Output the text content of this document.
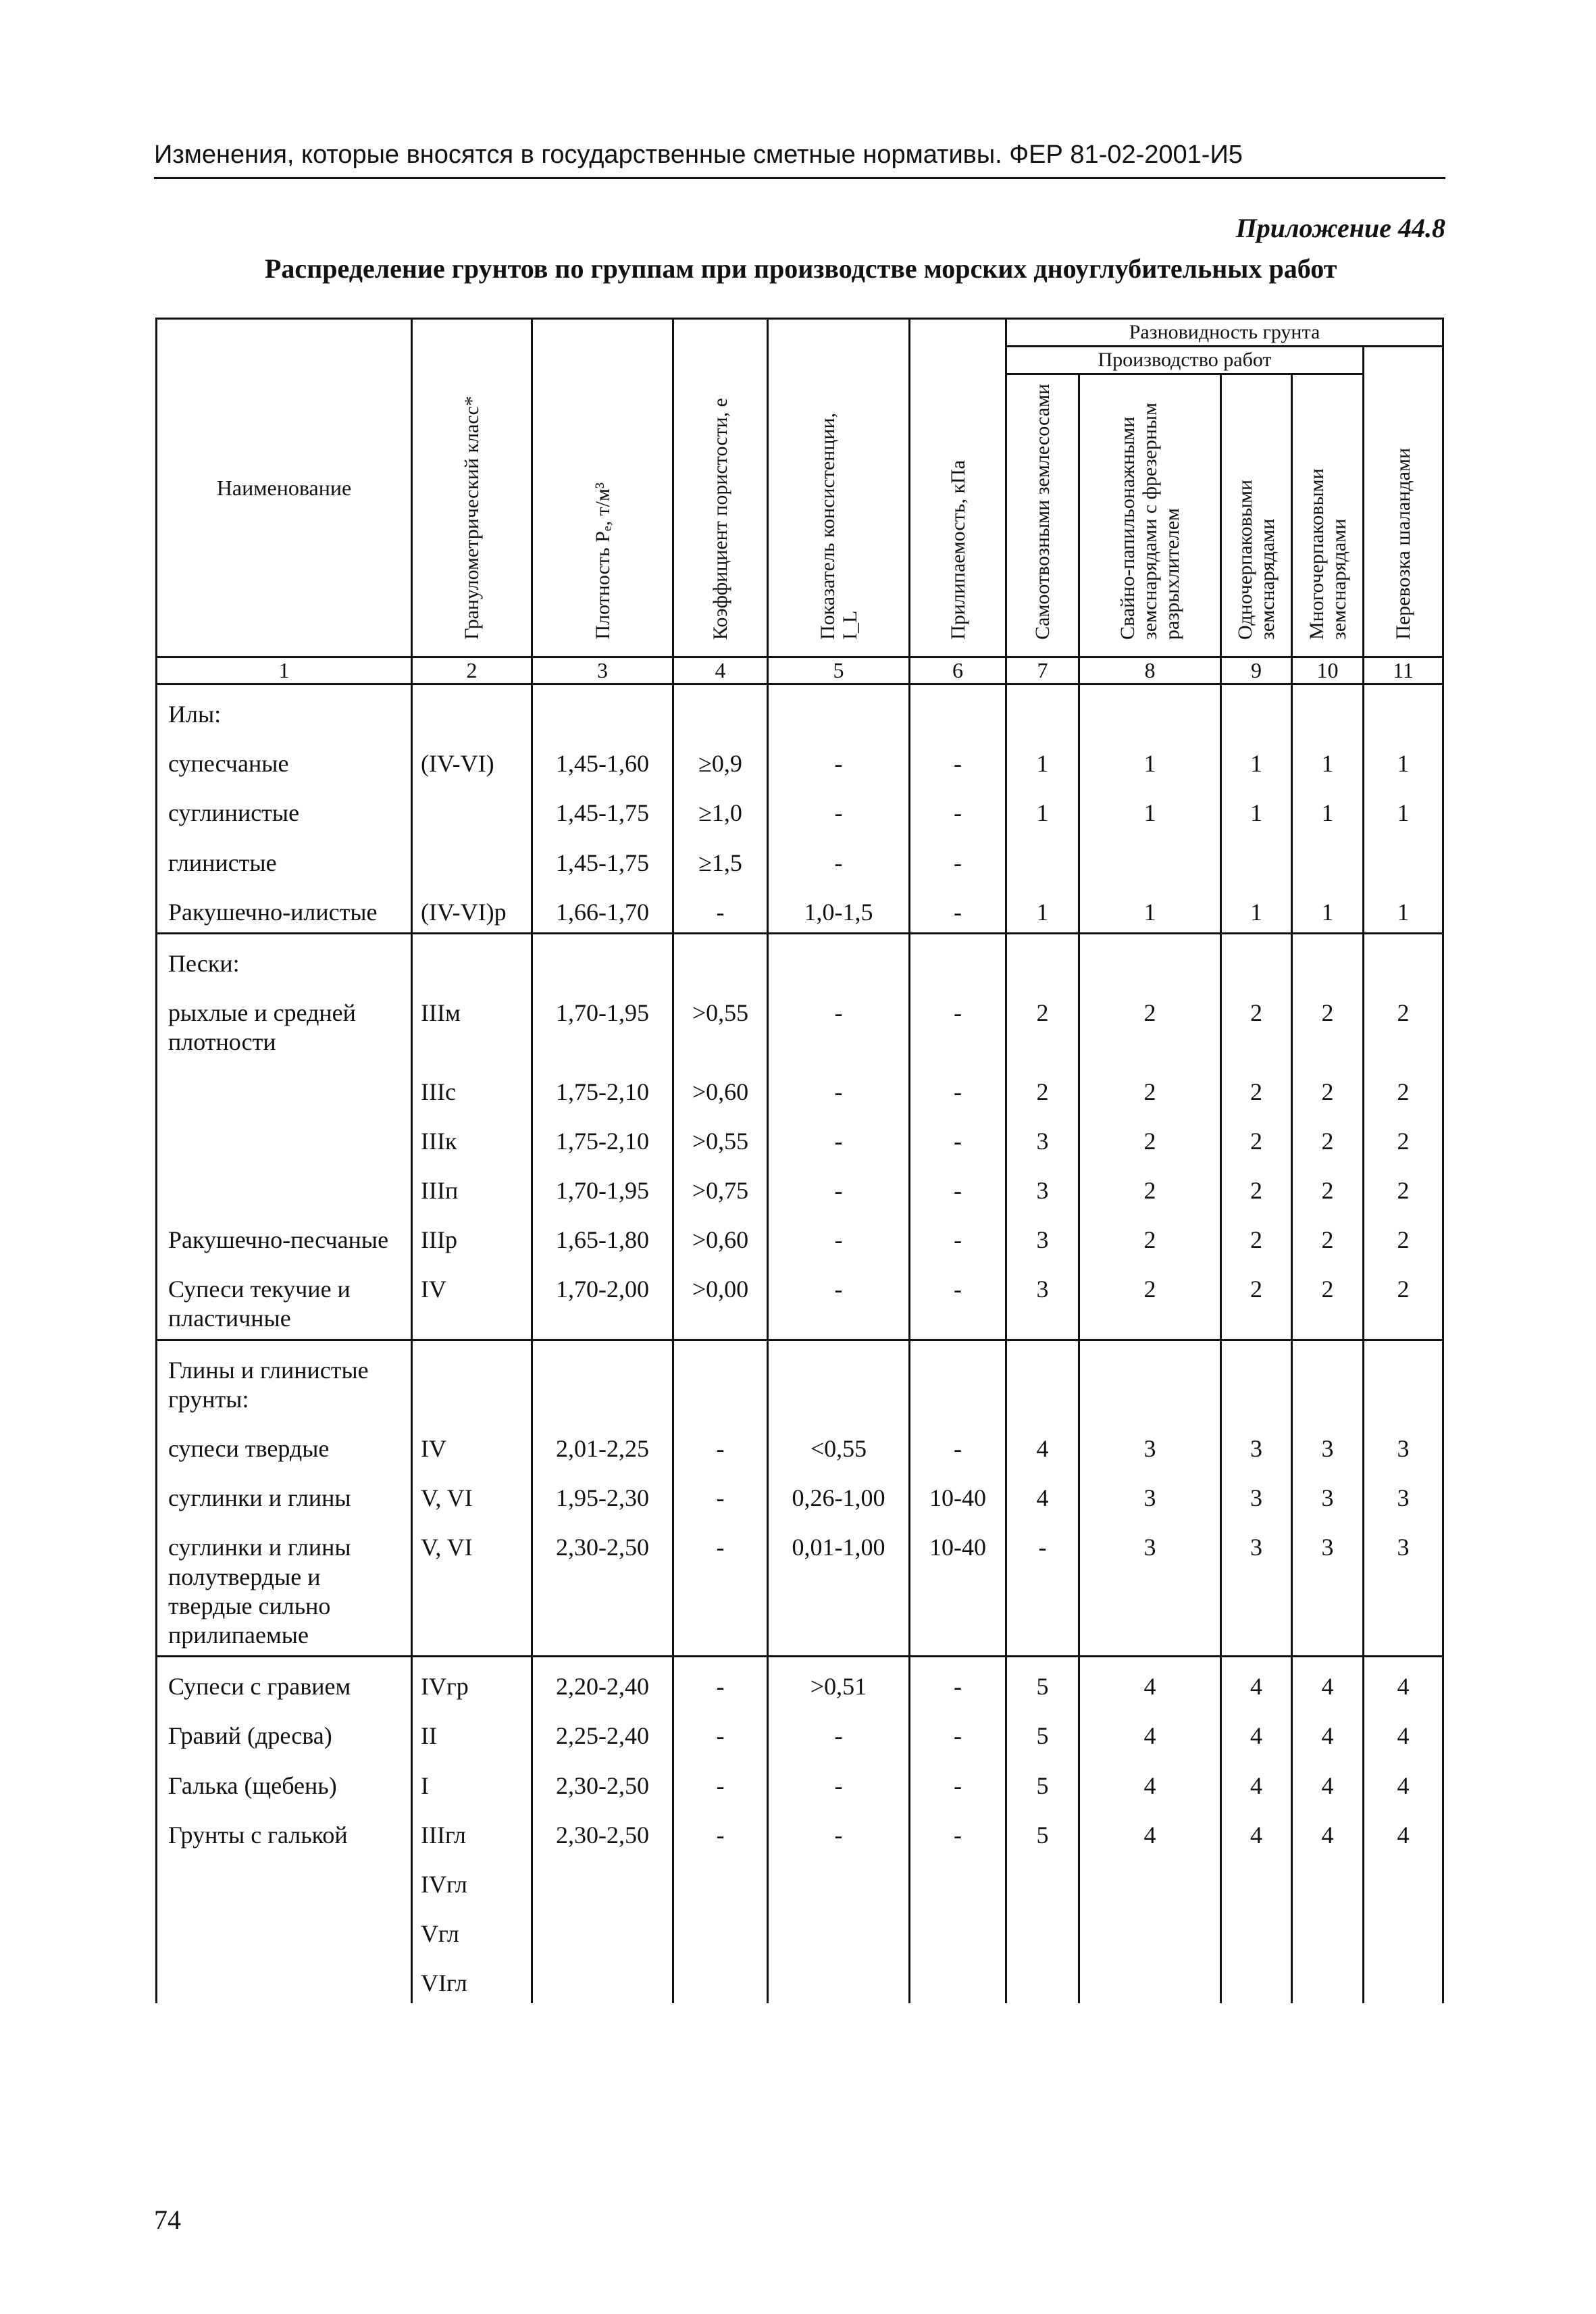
Изменения, которые вносятся в государственные сметные нормативы. ФЕР 81-02-2001-И5
Приложение 44.8
Распределение грунтов по группам при производстве морских дноуглубительных работ
Наименование	Гранулометрический класс*	Плотность Pₑ, т/м³	Коэффициент пористости, е	Показатель консистенции, I_L	Прилипаемость, кПа	Разновидность грунта				
						Производство работ				Перевозка шаландами
						Самоотвозными землесосами	Свайно-папильонажными земснарядами с фрезерным разрыхлителем	Одночерпаковыми земснарядами	Многочерпаковыми земснарядами	
1	2	3	4	5	6	7	8	9	10	11
Илы:										
супесчаные	(IV-VI)	1,45-1,60	≥0,9	-	-	1	1	1	1	1
суглинистые		1,45-1,75	≥1,0	-	-	1	1	1	1	1
глинистые		1,45-1,75	≥1,5	-	-					
Ракушечно-илистые	(IV-VI)р	1,66-1,70	-	1,0-1,5	-	1	1	1	1	1
Пески:										
рыхлые и средней плотности	IIIм	1,70-1,95	>0,55	-	-	2	2	2	2	2
	IIIс	1,75-2,10	>0,60	-	-	2	2	2	2	2
	IIIк	1,75-2,10	>0,55	-	-	3	2	2	2	2
	IIIп	1,70-1,95	>0,75	-	-	3	2	2	2	2
Ракушечно-песчаные	IIIр	1,65-1,80	>0,60	-	-	3	2	2	2	2
Супеси текучие и пластичные	IV	1,70-2,00	>0,00	-	-	3	2	2	2	2
Глины и глинистые грунты:										
супеси твердые	IV	2,01-2,25	-	<0,55	-	4	3	3	3	3
суглинки и глины	V, VI	1,95-2,30	-	0,26-1,00	10-40	4	3	3	3	3
суглинки и глины полутвердые и твердые сильно прилипаемые	V, VI	2,30-2,50	-	0,01-1,00	10-40	-	3	3	3	3
Супеси с гравием	IVгр	2,20-2,40	-	>0,51	-	5	4	4	4	4
Гравий (дресва)	II	2,25-2,40	-	-	-	5	4	4	4	4
Галька (щебень)	I	2,30-2,50	-	-	-	5	4	4	4	4
Грунты с галькой	IIIгл	2,30-2,50	-	-	-	5	4	4	4	4
	IVгл									
	Vгл									
	VIгл									
74
